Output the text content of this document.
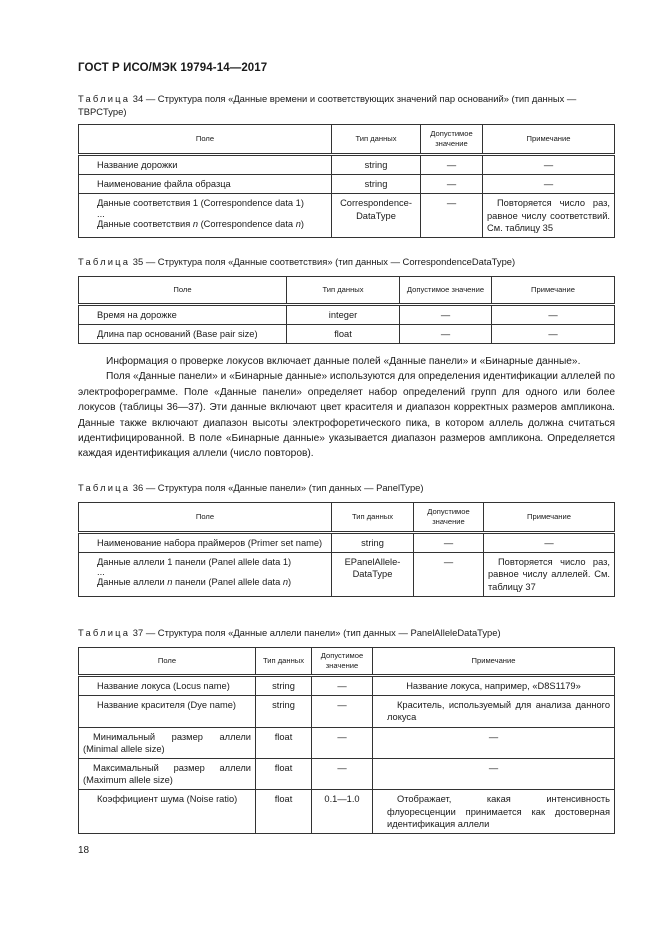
ГОСТ Р ИСО/МЭК 19794-14—2017
Таблица 34 — Структура поля «Данные времени и соответствующих значений пар оснований» (тип данных — TBPCType)
Поле	Тип данных	Допустимое значение	Примечание
Название дорожки	string	—	—
Наименование файла образца	string	—	—

Данные соответствия 1 (Correspondence data 1)
...
Данные соответствия n (Correspondence data n)	Correspondence-DataType	—	Повторяется число раз, равное числу соответствий. См. таблицу 35
Таблица 35 — Структура поля «Данные соответствия» (тип данных — CorrespondenceDataType)
Поле	Тип данных	Допустимое значение	Примечание
Время на дорожке	integer	—	—
Длина пар оснований (Base pair size)	float	—	—

Информация о проверке локусов включает данные полей «Данные панели» и «Бинарные данные».

Поля «Данные панели» и «Бинарные данные» используются для определения идентификации аллелей по электрофореграмме. Поле «Данные панели» определяет набор определений групп для одного или более локусов (таблицы 36—37). Эти данные включают цвет красителя и диапазон корректных размеров ампликона. Данные также включают диапазон высоты электрофоретического пика, в котором аллель должна считаться идентифицированной. В поле «Бинарные данные» указывается диапазон размеров ампликона. Определяется каждая идентификация аллели (число повторов).

Таблица 36 — Структура поля «Данные панели» (тип данных — PanelType)
Поле	Тип данных	Допустимое значение	Примечание
Наименование набора праймеров (Primer set name)	string	—	—

Данные аллели 1 панели (Panel allele data 1)
...
Данные аллели n панели (Panel allele data n)	EPanelAllele-DataType	—	Повторяется число раз, равное числу аллелей. См. таблицу 37
Таблица 37 — Структура поля «Данные аллели панели» (тип данных — PanelAlleleDataType)
Поле	Тип данных	Допустимое значение	Примечание
Название локуса (Locus name)	string	—	Название локуса, например, «D8S1179»
Название красителя (Dye name)	string	—	Краситель, используемый для анализа данного локуса
Минимальный размер аллели (Minimal allele size)	float	—	—
Максимальный размер аллели (Maximum allele size)	float	—	—
Коэффициент шума (Noise ratio)	float	0.1—1.0	Отображает, какая интенсивность флуоресценции принимается как достоверная идентификация аллели
18
